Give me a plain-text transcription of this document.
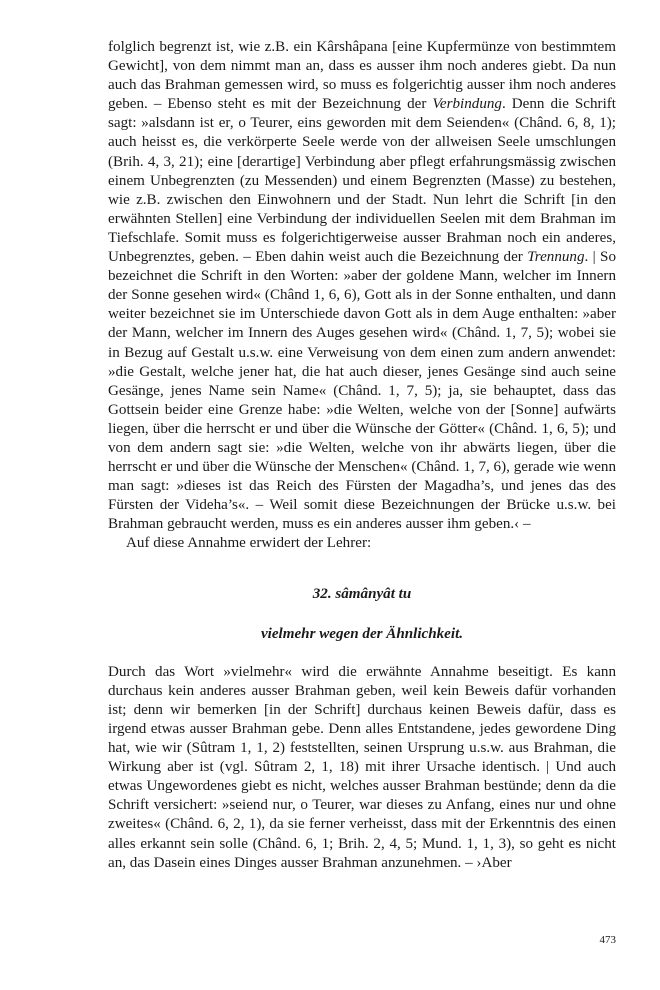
folglich begrenzt ist, wie z.B. ein Kârshâpana [eine Kupfermünze von bestimmtem Gewicht], von dem nimmt man an, dass es ausser ihm noch anderes giebt. Da nun auch das Brahman gemessen wird, so muss es folgerichtig ausser ihm noch anderes geben. – Ebenso steht es mit der Bezeichnung der Verbindung. Denn die Schrift sagt: »alsdann ist er, o Teurer, eins geworden mit dem Seienden« (Chând. 6, 8, 1); auch heisst es, die verkörperte Seele werde von der allweisen Seele umschlungen (Brih. 4, 3, 21); eine [derartige] Verbindung aber pflegt erfahrungsmässig zwischen einem Unbegrenzten (zu Messenden) und einem Begrenzten (Masse) zu bestehen, wie z.B. zwischen den Einwohnern und der Stadt. Nun lehrt die Schrift [in den erwähnten Stellen] eine Verbindung der individuellen Seelen mit dem Brahman im Tiefschlafe. Somit muss es folgerichtigerweise ausser Brahman noch ein anderes, Unbegrenztes, geben. – Eben dahin weist auch die Bezeichnung der Trennung. | So bezeichnet die Schrift in den Worten: »aber der goldene Mann, welcher im Innern der Sonne gesehen wird« (Chând 1, 6, 6), Gott als in der Sonne enthalten, und dann weiter bezeichnet sie im Unterschiede davon Gott als in dem Auge enthalten: »aber der Mann, welcher im Innern des Auges gesehen wird« (Chând. 1, 7, 5); wobei sie in Bezug auf Gestalt u.s.w. eine Verweisung von dem einen zum andern anwendet: »die Gestalt, welche jener hat, die hat auch dieser, jenes Gesänge sind auch seine Gesänge, jenes Name sein Name« (Chând. 1, 7, 5); ja, sie behauptet, dass das Gottsein beider eine Grenze habe: »die Welten, welche von der [Sonne] aufwärts liegen, über die herrscht er und über die Wünsche der Götter« (Chând. 1, 6, 5); und von dem andern sagt sie: »die Welten, welche von ihr abwärts liegen, über die herrscht er und über die Wünsche der Menschen« (Chând. 1, 7, 6), gerade wie wenn man sagt: »dieses ist das Reich des Fürsten der Magadha’s, und jenes das des Fürsten der Videha’s«. – Weil somit diese Bezeichnungen der Brücke u.s.w. bei Brahman gebraucht werden, muss es ein anderes ausser ihm geben.‹ –

Auf diese Annahme erwidert der Lehrer:

32. sâmânyât tu

vielmehr wegen der Ähnlichkeit.

Durch das Wort »vielmehr« wird die erwähnte Annahme beseitigt. Es kann durchaus kein anderes ausser Brahman geben, weil kein Beweis dafür vorhanden ist; denn wir bemerken [in der Schrift] durchaus keinen Beweis dafür, dass es irgend etwas ausser Brahman gebe. Denn alles Entstandene, jedes gewordene Ding hat, wie wir (Sûtram 1, 1, 2) feststellten, seinen Ursprung u.s.w. aus Brahman, die Wirkung aber ist (vgl. Sûtram 2, 1, 18) mit ihrer Ursache identisch. | Und auch etwas Ungewordenes giebt es nicht, welches ausser Brahman bestünde; denn da die Schrift versichert: »seiend nur, o Teurer, war dieses zu Anfang, eines nur und ohne zweites« (Chând. 6, 2, 1), da sie ferner verheisst, dass mit der Erkenntnis des einen alles erkannt sein solle (Chând. 6, 1; Brih. 2, 4, 5; Mund. 1, 1, 3), so geht es nicht an, das Dasein eines Dinges ausser Brahman anzunehmen. – ›Aber

473
